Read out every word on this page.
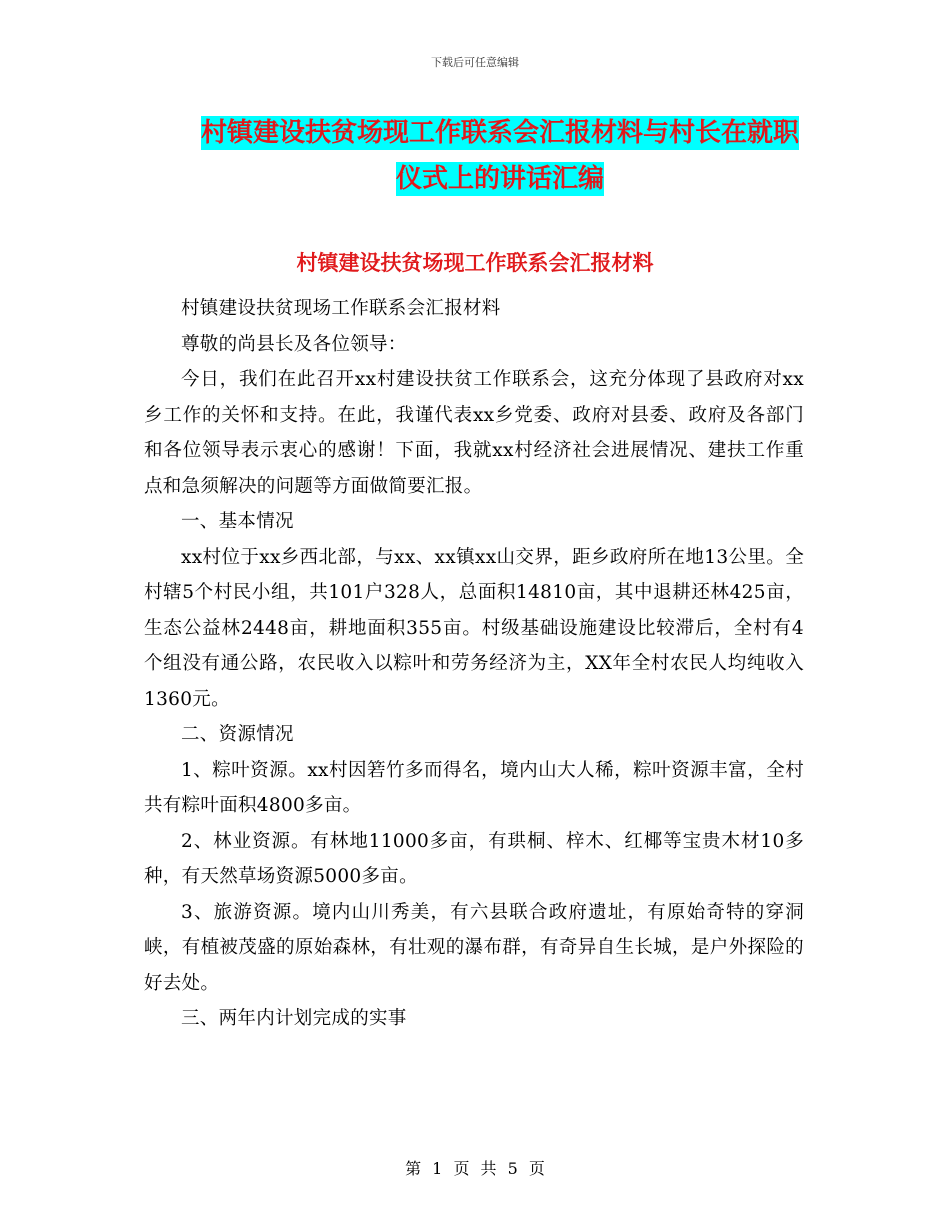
下载后可任意编辑
村镇建设扶贫场现工作联系会汇报材料与村长在就职
仪式上的讲话汇编
村镇建设扶贫场现工作联系会汇报材料

村镇建设扶贫现场工作联系会汇报材料

尊敬的尚县长及各位领导：

今日，我们在此召开xx村建设扶贫工作联系会，这充分体现了县政府对xx乡工作的关怀和支持。在此，我谨代表xx乡党委、政府对县委、政府及各部门和各位领导表示衷心的感谢！下面，我就xx村经济社会进展情况、建扶工作重点和急须解决的问题等方面做简要汇报。

一、基本情况

xx村位于xx乡西北部，与xx、xx镇xx山交界，距乡政府所在地13公里。全村辖5个村民小组，共101户328人，总面积14810亩，其中退耕还林425亩，生态公益林2448亩，耕地面积355亩。村级基础设施建设比较滞后，全村有4个组没有通公路，农民收入以粽叶和劳务经济为主，XX年全村农民人均纯收入1360元。

二、资源情况

1、粽叶资源。xx村因箬竹多而得名，境内山大人稀，粽叶资源丰富，全村共有粽叶面积4800多亩。

2、林业资源。有林地11000多亩，有珙桐、梓木、红椰等宝贵木材10多种，有天然草场资源5000多亩。

3、旅游资源。境内山川秀美，有六县联合政府遗址，有原始奇特的穿洞峡，有植被茂盛的原始森林，有壮观的瀑布群，有奇异自生长城，是户外探险的好去处。

三、两年内计划完成的实事

第 1 页 共 5 页
